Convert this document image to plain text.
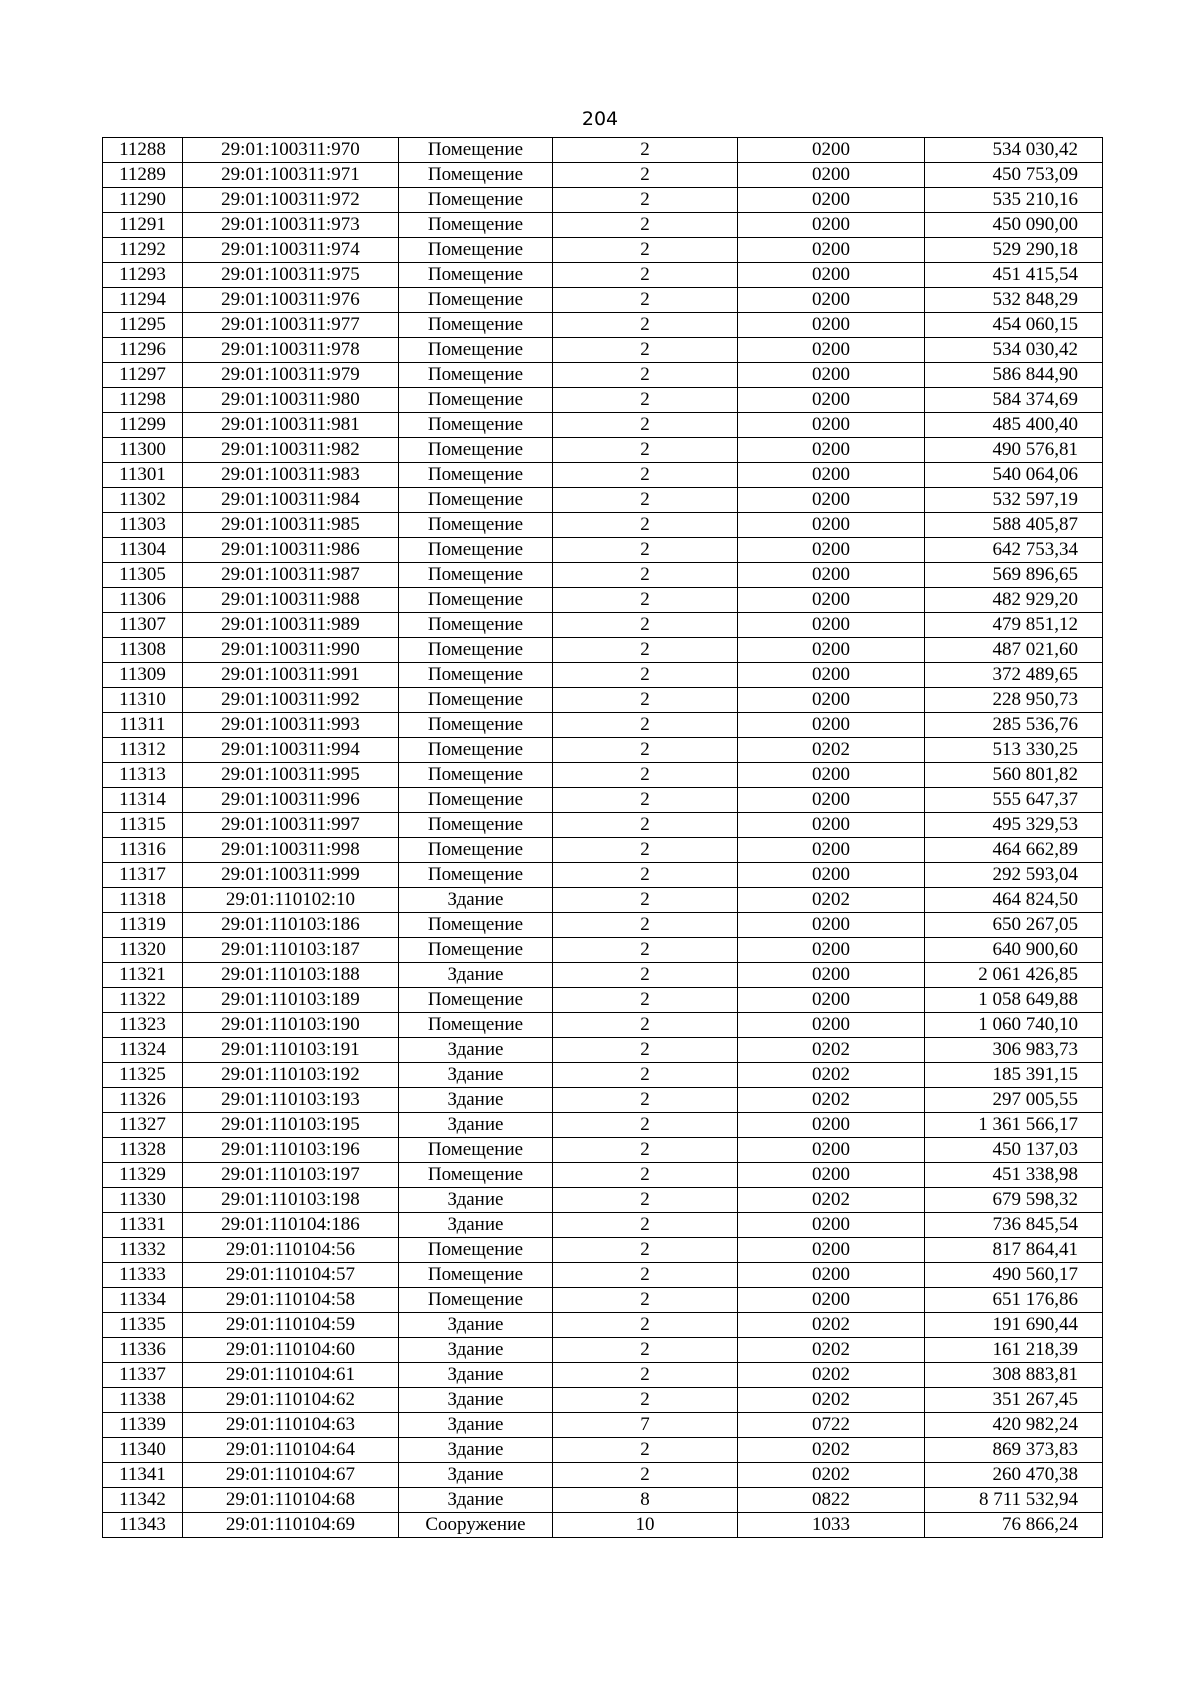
204
11288	29:01:100311:970	Помещение	2	0200	534 030,42
11289	29:01:100311:971	Помещение	2	0200	450 753,09
11290	29:01:100311:972	Помещение	2	0200	535 210,16
11291	29:01:100311:973	Помещение	2	0200	450 090,00
11292	29:01:100311:974	Помещение	2	0200	529 290,18
11293	29:01:100311:975	Помещение	2	0200	451 415,54
11294	29:01:100311:976	Помещение	2	0200	532 848,29
11295	29:01:100311:977	Помещение	2	0200	454 060,15
11296	29:01:100311:978	Помещение	2	0200	534 030,42
11297	29:01:100311:979	Помещение	2	0200	586 844,90
11298	29:01:100311:980	Помещение	2	0200	584 374,69
11299	29:01:100311:981	Помещение	2	0200	485 400,40
11300	29:01:100311:982	Помещение	2	0200	490 576,81
11301	29:01:100311:983	Помещение	2	0200	540 064,06
11302	29:01:100311:984	Помещение	2	0200	532 597,19
11303	29:01:100311:985	Помещение	2	0200	588 405,87
11304	29:01:100311:986	Помещение	2	0200	642 753,34
11305	29:01:100311:987	Помещение	2	0200	569 896,65
11306	29:01:100311:988	Помещение	2	0200	482 929,20
11307	29:01:100311:989	Помещение	2	0200	479 851,12
11308	29:01:100311:990	Помещение	2	0200	487 021,60
11309	29:01:100311:991	Помещение	2	0200	372 489,65
11310	29:01:100311:992	Помещение	2	0200	228 950,73
11311	29:01:100311:993	Помещение	2	0200	285 536,76
11312	29:01:100311:994	Помещение	2	0202	513 330,25
11313	29:01:100311:995	Помещение	2	0200	560 801,82
11314	29:01:100311:996	Помещение	2	0200	555 647,37
11315	29:01:100311:997	Помещение	2	0200	495 329,53
11316	29:01:100311:998	Помещение	2	0200	464 662,89
11317	29:01:100311:999	Помещение	2	0200	292 593,04
11318	29:01:110102:10	Здание	2	0202	464 824,50
11319	29:01:110103:186	Помещение	2	0200	650 267,05
11320	29:01:110103:187	Помещение	2	0200	640 900,60
11321	29:01:110103:188	Здание	2	0200	2 061 426,85
11322	29:01:110103:189	Помещение	2	0200	1 058 649,88
11323	29:01:110103:190	Помещение	2	0200	1 060 740,10
11324	29:01:110103:191	Здание	2	0202	306 983,73
11325	29:01:110103:192	Здание	2	0202	185 391,15
11326	29:01:110103:193	Здание	2	0202	297 005,55
11327	29:01:110103:195	Здание	2	0200	1 361 566,17
11328	29:01:110103:196	Помещение	2	0200	450 137,03
11329	29:01:110103:197	Помещение	2	0200	451 338,98
11330	29:01:110103:198	Здание	2	0202	679 598,32
11331	29:01:110104:186	Здание	2	0200	736 845,54
11332	29:01:110104:56	Помещение	2	0200	817 864,41
11333	29:01:110104:57	Помещение	2	0200	490 560,17
11334	29:01:110104:58	Помещение	2	0200	651 176,86
11335	29:01:110104:59	Здание	2	0202	191 690,44
11336	29:01:110104:60	Здание	2	0202	161 218,39
11337	29:01:110104:61	Здание	2	0202	308 883,81
11338	29:01:110104:62	Здание	2	0202	351 267,45
11339	29:01:110104:63	Здание	7	0722	420 982,24
11340	29:01:110104:64	Здание	2	0202	869 373,83
11341	29:01:110104:67	Здание	2	0202	260 470,38
11342	29:01:110104:68	Здание	8	0822	8 711 532,94
11343	29:01:110104:69	Сооружение	10	1033	76 866,24
